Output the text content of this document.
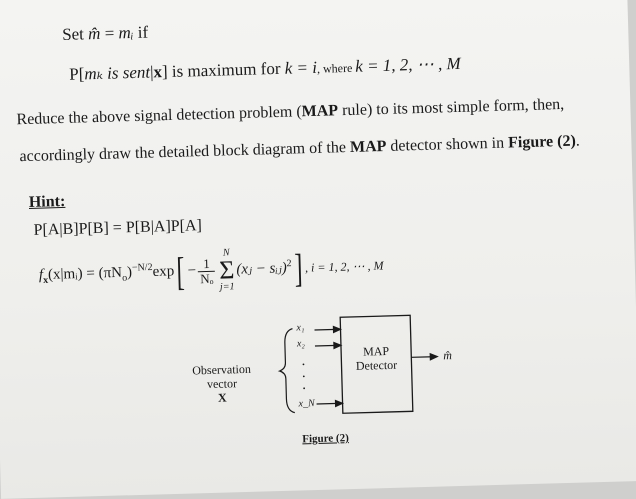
Set m̂ = mᵢ if
P[mₖ is sent|x] is maximum for k = i, where k = 1, 2, ⋯ , M
Reduce the above signal detection problem (MAP rule) to its most simple form, then,
accordingly draw the detailed block diagram of the MAP detector shown in Figure (2).
Hint:
P[A|B]P[B] = P[B|A]P[A]
$f_x(x|mᵢ) = (\pi N_o)^{-N/2}\exp[ - \frac{1}{\text{Nₒ}}$
N
Σ
j=1(xⱼ − sᵢⱼ)$^2$] , i = 1, 2, ⋯ , M
Observation
vector
X
x₁
x₂
x_N
MAP
Detector
m̂
Figure (2)
